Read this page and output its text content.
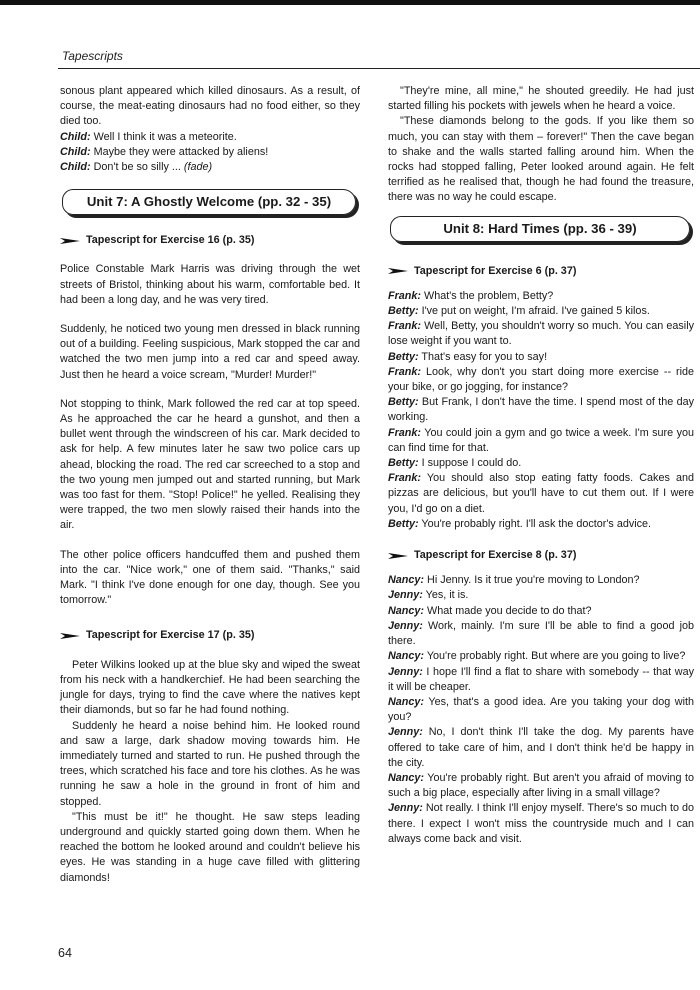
Tapescripts

sonous plant appeared which killed dinosaurs. As a result, of course, the meat-eating dinosaurs had no food either, so they died too.

Child: Well I think it was a meteorite.
Child: Maybe they were attacked by aliens!
Child: Don't be so silly ... (fade)
Unit 7: A Ghostly Welcome (pp. 32 - 35)
Tapescript for Exercise 16 (p. 35)

Police Constable Mark Harris was driving through the wet streets of Bristol, thinking about his warm, comfortable bed. It had been a long day, and he was very tired.

Suddenly, he noticed two young men dressed in black running out of a building. Feeling suspicious, Mark stopped the car and watched the two men jump into a red car and speed away. Just then he heard a voice scream, "Murder! Murder!"

Not stopping to think, Mark followed the red car at top speed. As he approached the car he heard a gunshot, and then a bullet went through the windscreen of his car. Mark decided to ask for help. A few minutes later he saw two police cars up ahead, blocking the road. The red car screeched to a stop and the two young men jumped out and started running, but Mark was too fast for them. "Stop! Police!" he yelled. Realising they were trapped, the two men slowly raised their hands into the air.

The other police officers handcuffed them and pushed them into the car. "Nice work," one of them said. "Thanks," said Mark. "I think I've done enough for one day, though. See you tomorrow."

Tapescript for Exercise 17 (p. 35)

Peter Wilkins looked up at the blue sky and wiped the sweat from his neck with a handkerchief. He had been searching the jungle for days, trying to find the cave where the natives kept their diamonds, but so far he had found nothing.

Suddenly he heard a noise behind him. He looked round and saw a large, dark shadow moving towards him. He immediately turned and started to run. He pushed through the trees, which scratched his face and tore his clothes. As he was running he saw a hole in the ground in front of him and stopped.

"This must be it!" he thought. He saw steps leading underground and quickly started going down them. When he reached the bottom he looked around and couldn't believe his eyes. He was standing in a huge cave filled with glittering diamonds!

"They're mine, all mine," he shouted greedily. He had just started filling his pockets with jewels when he heard a voice.

"These diamonds belong to the gods. If you like them so much, you can stay with them – forever!" Then the cave began to shake and the walls started falling around him. When the rocks had stopped falling, Peter looked around again. He felt terrified as he realised that, though he had found the treasure, there was no way he could escape.

Unit 8: Hard Times (pp. 36 - 39)
Tapescript for Exercise 6 (p. 37)

Frank: What's the problem, Betty?

Betty: I've put on weight, I'm afraid. I've gained 5 kilos.

Frank: Well, Betty, you shouldn't worry so much. You can easily lose weight if you want to.

Betty: That's easy for you to say!

Frank: Look, why don't you start doing more exercise -- ride your bike, or go jogging, for instance?

Betty: But Frank, I don't have the time. I spend most of the day working.

Frank: You could join a gym and go twice a week. I'm sure you can find time for that.

Betty: I suppose I could do.

Frank: You should also stop eating fatty foods. Cakes and pizzas are delicious, but you'll have to cut them out. If I were you, I'd go on a diet.

Betty: You're probably right. I'll ask the doctor's advice.

Tapescript for Exercise 8 (p. 37)

Nancy: Hi Jenny. Is it true you're moving to London?

Jenny: Yes, it is.

Nancy: What made you decide to do that?

Jenny: Work, mainly. I'm sure I'll be able to find a good job there.

Nancy: You're probably right. But where are you going to live?

Jenny: I hope I'll find a flat to share with somebody -- that way it will be cheaper.

Nancy: Yes, that's a good idea. Are you taking your dog with you?

Jenny: No, I don't think I'll take the dog. My parents have offered to take care of him, and I don't think he'd be happy in the city.

Nancy: You're probably right. But aren't you afraid of moving to such a big place, especially after living in a small village?

Jenny: Not really. I think I'll enjoy myself. There's so much to do there. I expect I won't miss the countryside much and I can always come back and visit.

64
